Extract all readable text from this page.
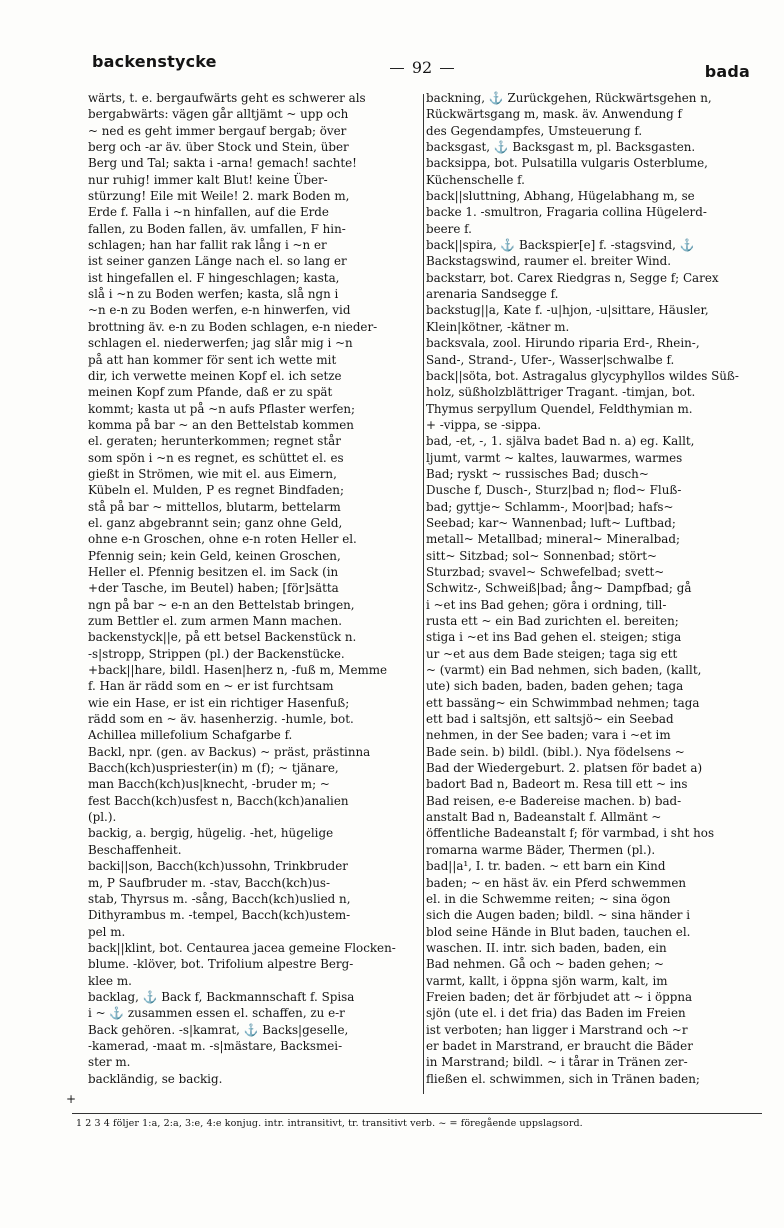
backenstycke	92	bada
wärts, t. e. bergaufwärts geht es schwerer als
bergabwärts: vägen går alltjämt ~ upp och
~ ned es geht immer bergauf bergab; över
berg och -ar äv. über Stock und Stein, über
Berg und Tal; sakta i -arna! gemach! sachte!
nur ruhig! immer kalt Blut! keine Über-
stürzung! Eile mit Weile! 2. mark Boden m,
Erde f. Falla i ~n hinfallen, auf die Erde
fallen, zu Boden fallen, äv. umfallen, F hin-
schlagen; han har fallit rak lång i ~n er
ist seiner ganzen Länge nach el. so lang er
ist hingefallen el. F hingeschlagen; kasta,
slå i ~n zu Boden werfen; kasta, slå ngn i
~n e-n zu Boden werfen, e-n hinwerfen, vid
brottning äv. e-n zu Boden schlagen, e-n nieder-
schlagen el. niederwerfen; jag slår mig i ~n
på att han kommer för sent ich wette mit
dir, ich verwette meinen Kopf el. ich setze
meinen Kopf zum Pfande, daß er zu spät
kommt; kasta ut på ~n aufs Pflaster werfen;
komma på bar ~ an den Bettelstab kommen
el. geraten; herunterkommen; regnet står
som spön i ~n es regnet, es schüttet el. es
gießt in Strömen, wie mit el. aus Eimern,
Kübeln el. Mulden, P es regnet Bindfaden;
stå på bar ~ mittellos, blutarm, bettelarm
el. ganz abgebrannt sein; ganz ohne Geld,
ohne e-n Groschen, ohne e-n roten Heller el.
Pfennig sein; kein Geld, keinen Groschen,
Heller el. Pfennig besitzen el. im Sack (in
+der Tasche, im Beutel) haben; [för]sätta
ngn på bar ~ e-n an den Bettelstab bringen,
zum Bettler el. zum armen Mann machen.
backenstyck||e, på ett betsel Backenstück n.
-s|stropp, Strippen (pl.) der Backenstücke.
+back||hare, bildl. Hasen|herz n, -fuß m, Memme
f. Han är rädd som en ~ er ist furchtsam
wie ein Hase, er ist ein richtiger Hasenfuß;
rädd som en ~ äv. hasenherzig. -humle, bot.
Achillea millefolium Schafgarbe f.
Backl, npr. (gen. av Backus) ~ präst, prästinna
Bacch(kch)uspriester(in) m (f); ~ tjänare,
man Bacch(kch)us|knecht, -bruder m; ~
fest Bacch(kch)usfest n, Bacch(kch)analien
(pl.).
backig, a. bergig, hügelig. -het, hügelige
Beschaffenheit.
backi||son, Bacch(kch)ussohn, Trinkbruder
m, P Saufbruder m. -stav, Bacch(kch)us-
stab, Thyrsus m. -sång, Bacch(kch)uslied n,
Dithyrambus m. -tempel, Bacch(kch)ustem-
pel m.
back||klint, bot. Centaurea jacea gemeine Flocken-
blume. -klöver, bot. Trifolium alpestre Berg-
klee m.
backlag, ⚓ Back f, Backmannschaft f. Spisa
i ~ ⚓ zusammen essen el. schaffen, zu e-r
Back gehören. -s|kamrat, ⚓ Backs|geselle,
-kamerad, -maat m. -s|mästare, Backsmei-
ster m.
backländig, se backig.
backning, ⚓ Zurückgehen, Rückwärtsgehen n,
Rückwärtsgang m, mask. äv. Anwendung f
des Gegendampfes, Umsteuerung f.
backsgast, ⚓ Backsgast m, pl. Backsgasten.
backsippa, bot. Pulsatilla vulgaris Osterblume,
Küchenschelle f.
back||sluttning, Abhang, Hügelabhang m, se
backe 1. -smultron, Fragaria collina Hügelerd-
beere f.
back||spira, ⚓ Backspier[e] f. -stagsvind, ⚓
Backstagswind, raumer el. breiter Wind.
backstarr, bot. Carex Riedgras n, Segge f; Carex
arenaria Sandsegge f.
backstug||a, Kate f. -u|hjon, -u|sittare, Häusler,
Klein|kötner, -kätner m.
backsvala, zool. Hirundo riparia Erd-, Rhein-,
Sand-, Strand-, Ufer-, Wasser|schwalbe f.
back||söta, bot. Astragalus glycyphyllos wildes Süß-
holz, süßholzblättriger Tragant. -timjan, bot.
Thymus serpyllum Quendel, Feldthymian m.
+ -vippa, se -sippa.
bad, -et, -, 1. själva badet Bad n. a) eg. Kallt,
ljumt, varmt ~ kaltes, lauwarmes, warmes
Bad; ryskt ~ russisches Bad; dusch~
Dusche f, Dusch-, Sturz|bad n; flod~ Fluß-
bad; gyttje~ Schlamm-, Moor|bad; hafs~
Seebad; kar~ Wannenbad; luft~ Luftbad;
metall~ Metallbad; mineral~ Mineralbad;
sitt~ Sitzbad; sol~ Sonnenbad; stört~
Sturzbad; svavel~ Schwefelbad; svett~
Schwitz-, Schweiß|bad; ång~ Dampfbad; gå
i ~et ins Bad gehen; göra i ordning, till-
rusta ett ~ ein Bad zurichten el. bereiten;
stiga i ~et ins Bad gehen el. steigen; stiga
ur ~et aus dem Bade steigen; taga sig ett
~ (varmt) ein Bad nehmen, sich baden, (kallt,
ute) sich baden, baden, baden gehen; taga
ett bassäng~ ein Schwimmbad nehmen; taga
ett bad i saltsjön, ett saltsjö~ ein Seebad
nehmen, in der See baden; vara i ~et im
Bade sein. b) bildl. (bibl.). Nya födelsens ~
Bad der Wiedergeburt. 2. platsen för badet a)
badort Bad n, Badeort m. Resa till ett ~ ins
Bad reisen, e-e Badereise machen. b) bad-
anstalt Bad n, Badeanstalt f. Allmänt ~
öffentliche Badeanstalt f; för varmbad, i sht hos
romarna warme Bäder, Thermen (pl.).
bad||a¹, I. tr. baden. ~ ett barn ein Kind
baden; ~ en häst äv. ein Pferd schwemmen
el. in die Schwemme reiten; ~ sina ögon
sich die Augen baden; bildl. ~ sina händer i
blod seine Hände in Blut baden, tauchen el.
waschen. II. intr. sich baden, baden, ein
Bad nehmen. Gå och ~ baden gehen; ~
varmt, kallt, i öppna sjön warm, kalt, im
Freien baden; det är förbjudet att ~ i öppna
sjön (ute el. i det fria) das Baden im Freien
ist verboten; han ligger i Marstrand och ~r
er badet in Marstrand, er braucht die Bäder
in Marstrand; bildl. ~ i tårar in Tränen zer-
fließen el. schwimmen, sich in Tränen baden;
+
1 2 3 4 följer 1:a, 2:a, 3:e, 4:e konjug. intr. intransitivt, tr. transitivt verb. ~ = föregående uppslagsord.
